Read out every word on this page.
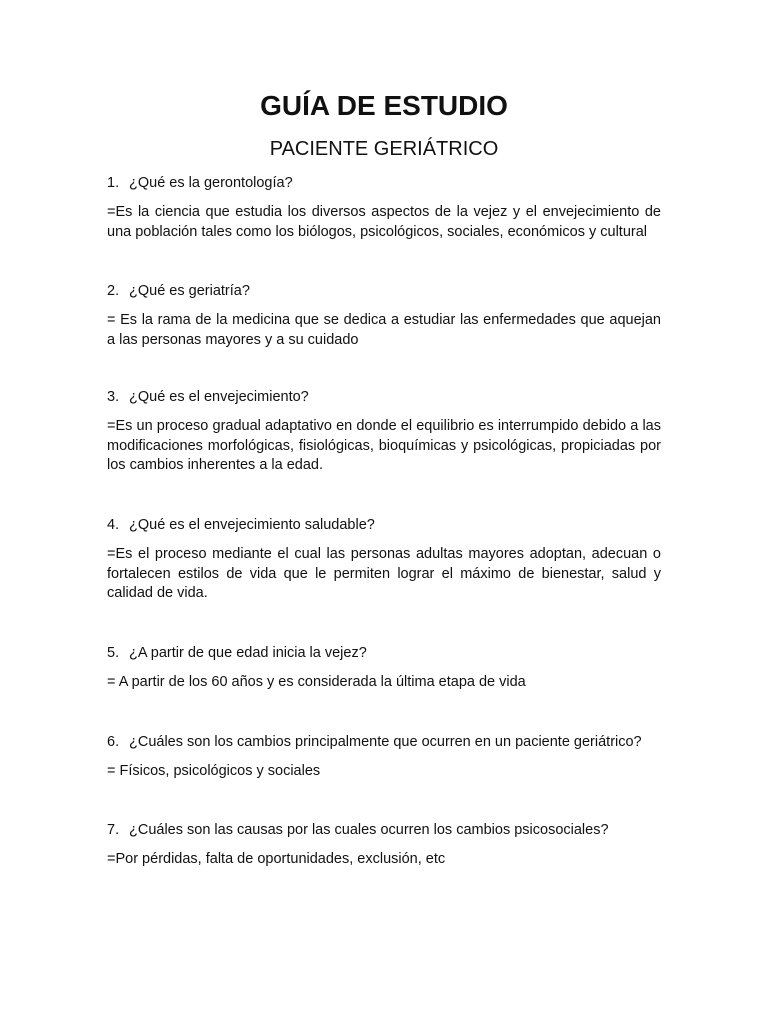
GUÍA DE ESTUDIO
PACIENTE GERIÁTRICO

1. ¿Qué es la gerontología?

=Es la ciencia que estudia los diversos aspectos de la vejez y el envejecimiento de una población tales como los biólogos, psicológicos, sociales, económicos y cultural

2. ¿Qué es geriatría?

= Es la rama de la medicina que se dedica a estudiar las enfermedades que aquejan a las personas mayores y a su cuidado

3. ¿Qué es el envejecimiento?

=Es un proceso gradual adaptativo en donde el equilibrio es interrumpido debido a las modificaciones morfológicas, fisiológicas, bioquímicas y psicológicas, propiciadas por los cambios inherentes a la edad.

4. ¿Qué es el envejecimiento saludable?

=Es el proceso mediante el cual las personas adultas mayores adoptan, adecuan o fortalecen estilos de vida que le permiten lograr el máximo de bienestar, salud y calidad de vida.

5. ¿A partir de que edad inicia la vejez?

= A partir de los 60 años y es considerada la última etapa de vida

6. ¿Cuáles son los cambios principalmente que ocurren en un paciente geriátrico?

= Físicos, psicológicos y sociales

7. ¿Cuáles son las causas por las cuales ocurren los cambios psicosociales?

=Por pérdidas, falta de oportunidades, exclusión, etc
